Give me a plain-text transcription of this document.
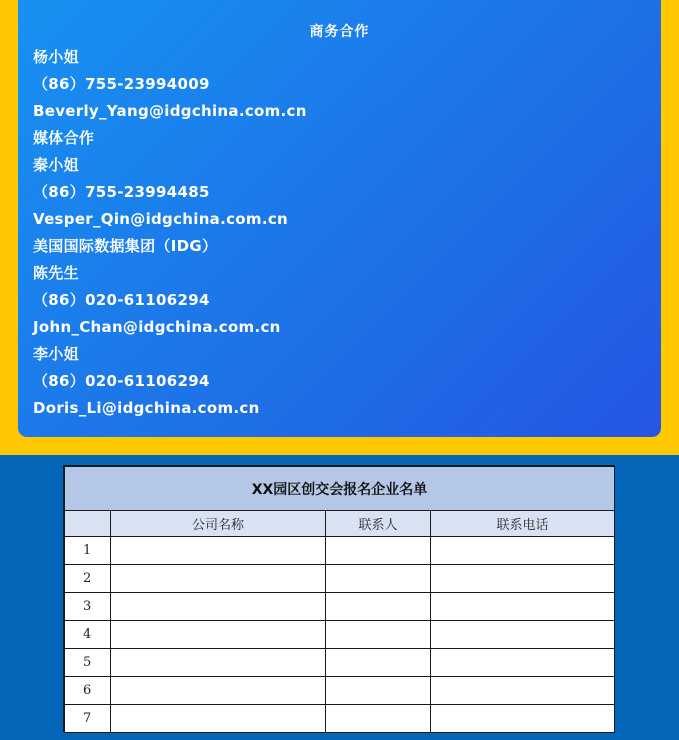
商务合作
杨小姐
（86）755-23994009
Beverly_Yang@idgchina.com.cn
媒体合作
秦小姐
（86）755-23994485
Vesper_Qin@idgchina.com.cn
美国国际数据集团（IDG）
陈先生
（86）020-61106294
John_Chan@idgchina.com.cn
李小姐
（86）020-61106294
Doris_Li@idgchina.com.cn
XX园区创交会报名企业名单			
	公司名称	联系人	联系电话
1			
2			
3			
4			
5			
6			
7			
